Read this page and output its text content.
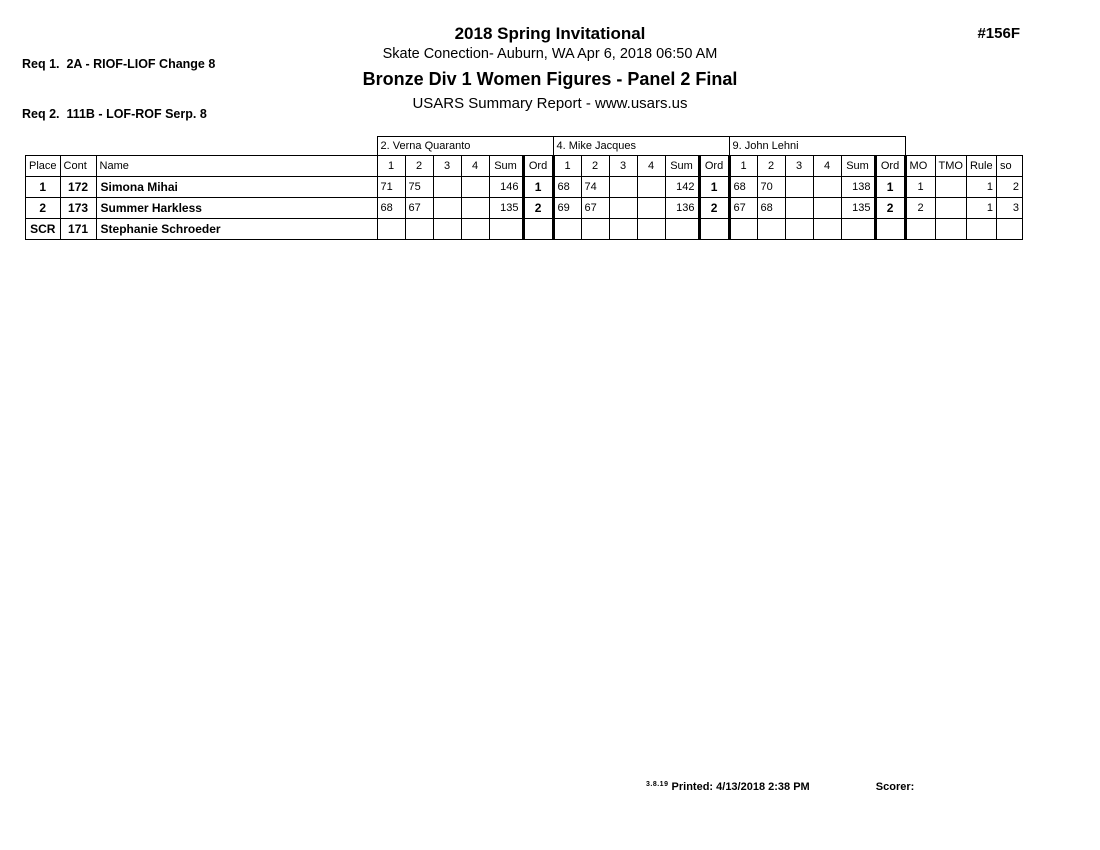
Req 1.  2A - RIOF-LIOF Change 8

Req 2.  111B - LOF-ROF Serp. 8

2018 Spring Invitational
Skate Conection- Auburn, WA Apr 6, 2018 06:50 AM
Bronze Div 1 Women Figures - Panel 2 Final
USARS Summary Report - www.usars.us
#156F
			2. Verna Quaranto						4. Mike Jacques						9. John Lehni									
Place	Cont	Name	1	2	3	4	Sum	Ord	1	2	3	4	Sum	Ord	1	2	3	4	Sum	Ord	MO	TMO	Rule	so
1	172	Simona Mihai	71	75			146	1	68	74			142	1	68	70			138	1	1		1	2
2	173	Summer Harkless	68	67			135	2	69	67			136	2	67	68			135	2	2		1	3
SCR	171	Stephanie Schroeder																						
$^{3.8.19}$ Printed: 4/13/2018 2:38 PM	Scorer:
